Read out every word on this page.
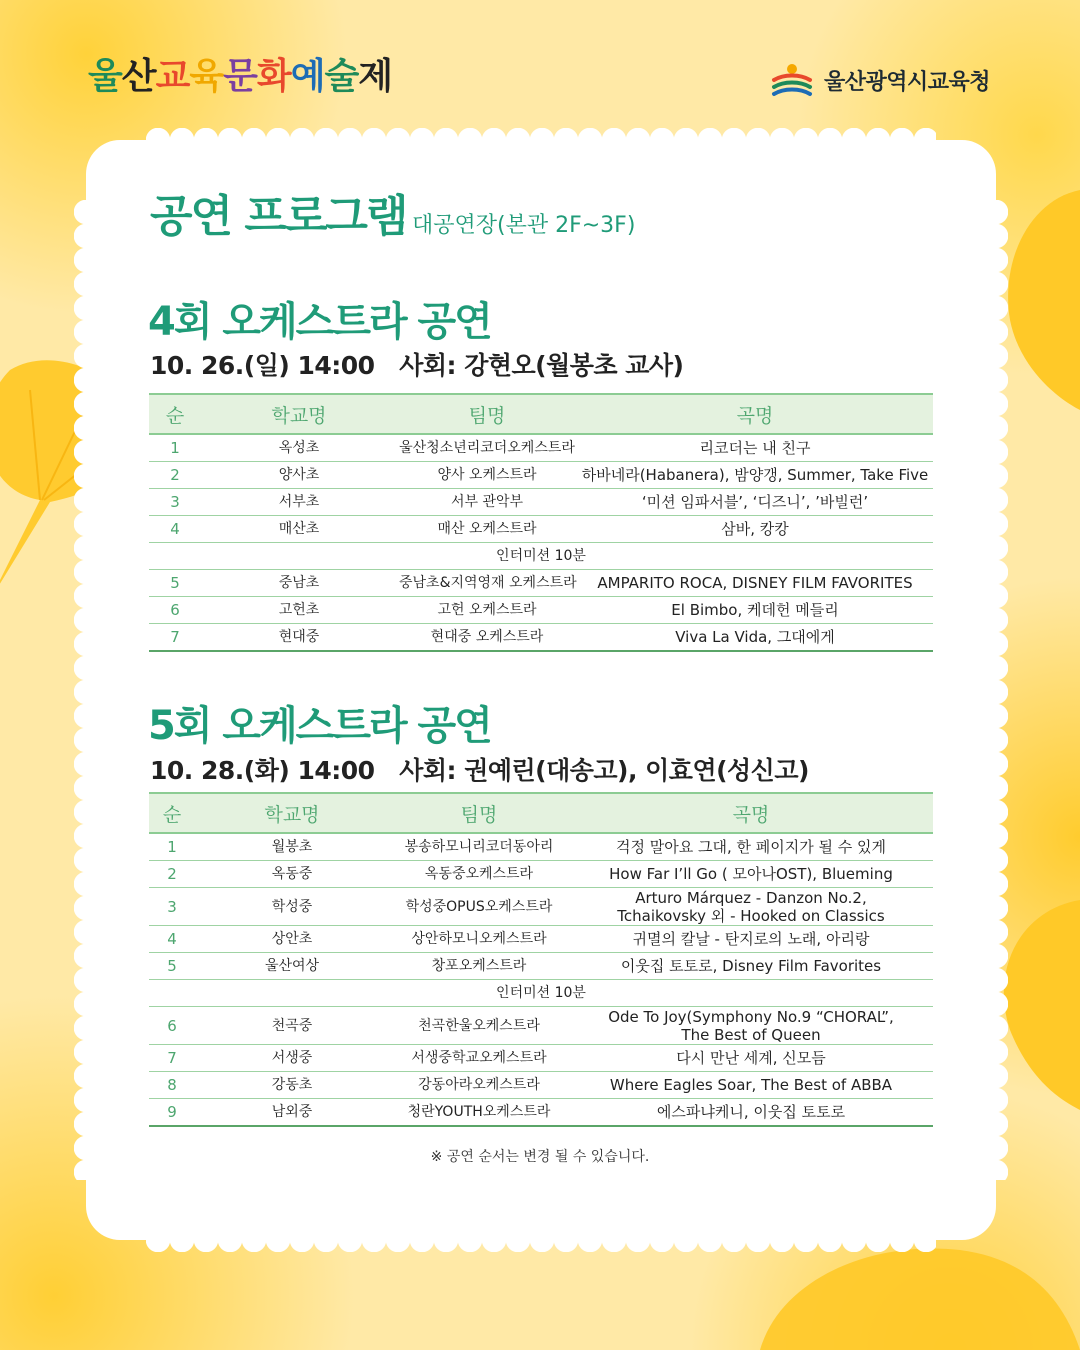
울산교육문화예술제	울산광역시교육청
공연 프로그램 대공연장(본관 2F~3F)
4회 오케스트라 공연
10. 26.(일) 14:00 사회: 강현오(월봉초 교사)
순	학교명	팀명	곡명
1	옥성초	울산청소년리코더오케스트라	리코더는 내 친구
2	양사초	양사 오케스트라	하바네라(Habanera), 밤양갱, Summer, Take Five
3	서부초	서부 관악부	‘미션 임파서블’, ‘디즈니’, ’바빌런’
4	매산초	매산 오케스트라	삼바, 캉캉
인터미션 10분			
5	중남초	중남초&지역영재 오케스트라	AMPARITO ROCA, DISNEY FILM FAVORITES
6	고헌초	고헌 오케스트라	El Bimbo, 케데헌 메들리
7	현대중	현대중 오케스트라	Viva La Vida, 그대에게
5회 오케스트라 공연
10. 28.(화) 14:00 사회: 권예린(대송고), 이효연(성신고)
순	학교명	팀명	곡명
1	월봉초	봉송하모니리코더동아리	걱정 말아요 그대, 한 페이지가 될 수 있게
2	옥동중	옥동중오케스트라	How Far I’ll Go ( 모아나OST), Blueming
3	학성중	학성중OPUS오케스트라	Arturo Márquez - Danzon No.2,
Tchaikovsky 외 - Hooked on Classics

4	상안초	상안하모니오케스트라	귀멸의 칼날 - 탄지로의 노래, 아리랑
5	울산여상	창포오케스트라	이웃집 토토로, Disney Film Favorites
인터미션 10분			
6	천곡중	천곡한울오케스트라	Ode To Joy(Symphony No.9 “CHORAL”,
The Best of Queen

7	서생중	서생중학교오케스트라	다시 만난 세계, 신모듬
8	강동초	강동아라오케스트라	Where Eagles Soar, The Best of ABBA
9	남외중	청란YOUTH오케스트라	에스파냐케니, 이웃집 토토로
※ 공연 순서는 변경 될 수 있습니다.
